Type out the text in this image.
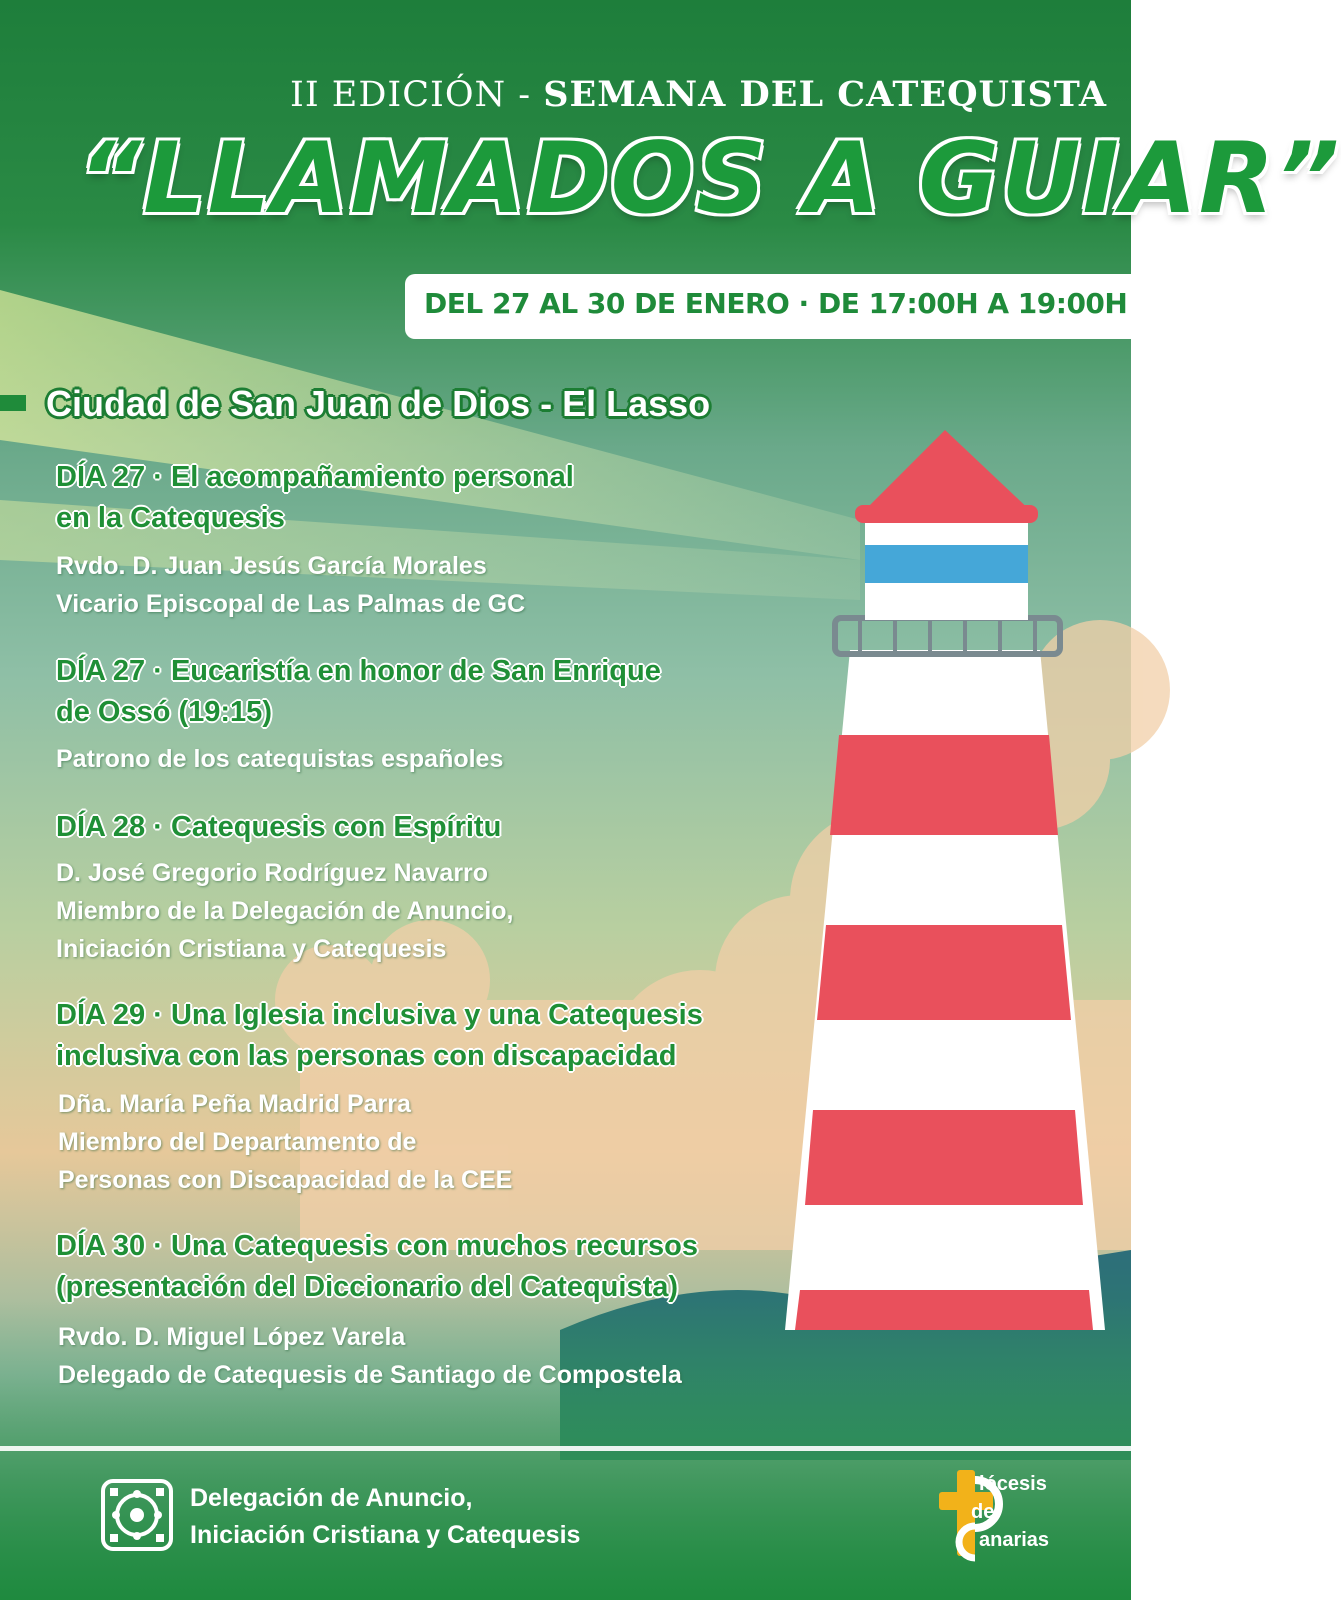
II EDICIÓN - SEMANA DEL CATEQUISTA
“LLAMADOS A GUIAR”
DEL 27 AL 30 DE ENERO · DE 17:00H A 19:00H
Ciudad de San Juan de Dios - El Lasso
DÍA 27 · El acompañamiento personal
en la Catequesis
Rvdo. D. Juan Jesús García Morales
Vicario Episcopal de Las Palmas de GC
DÍA 27 · Eucaristía en honor de San Enrique
de Ossó (19:15)
Patrono de los catequistas españoles
DÍA 28 · Catequesis con Espíritu
D. José Gregorio Rodríguez Navarro
Miembro de la Delegación de Anuncio,
Iniciación Cristiana y Catequesis
DÍA 29 · Una Iglesia inclusiva y una Catequesis
inclusiva con las personas con discapacidad
Dña. María Peña Madrid Parra
Miembro del Departamento de
Personas con Discapacidad de la CEE
DÍA 30 · Una Catequesis con muchos recursos
(presentación del Diccionario del Catequista)
Rvdo. D. Miguel López Varela
Delegado de Catequesis de Santiago de Compostela
Delegación de Anuncio,
Iniciación Cristiana y Catequesis
iócesis
de
anarias
